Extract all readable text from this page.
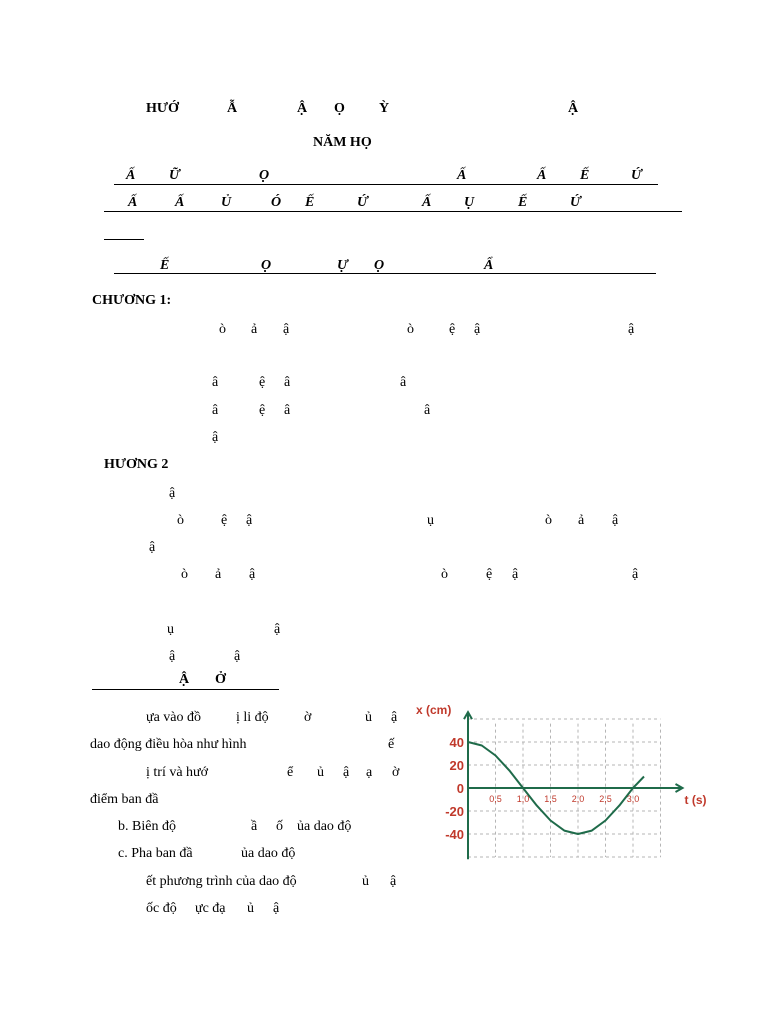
HƯỚ	Ẫ	Ậ Ọ Ỳ	Ậ
NĂM HỌ
Ấ Ữ	Ọ	Ấ	Ấ Ế	Ứ
Ấ	Ấ	Ủ	Ó Ế	Ứ	Ấ Ụ	Ế	Ứ
Ế	Ọ	Ự Ọ	Ẩ
CHƯƠNG 1:
ò ả ậ	ò	ệ ậ	ậ
â	ệ â	â
â	ệ â	â
ậ
HƯƠNG 2
ậ
ò	ệ ậ	ụ	ò ả ậ
ậ
ò ả ậ	ò	ệ ậ	ậ
ụ	ậ
ậ	ậ
Ậ Ở
ựa vào đồ ị li độ	ờ	ủ ậ
dao động điều hòa như hình	ế
ị trí và hướ	ể ủ ậ ạ ờ
điểm ban đầ
b. Biên độ	ầ ố ủa dao độ
c. Pha ban đầ	ủa dao độ
ết phương trình của dao độ	ủ ậ
ốc độ ực đạ ủ ậ
0,5 1,0 1,5 2,0 2,5 3,0
40
20
0
-20
-40
x (cm)
t (s)
